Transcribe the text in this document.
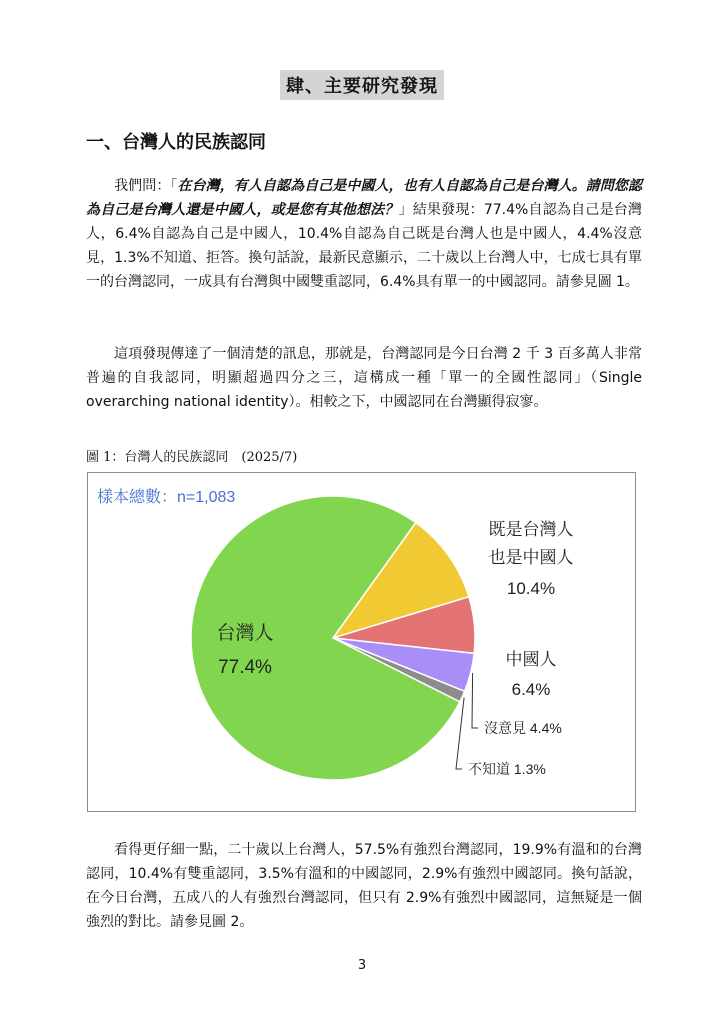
肆、主要研究發現
一、台灣人的民族認同

我們問：「在台灣，有人自認為自己是中國人，也有人自認為自己是台灣人。請問您認為自己是台灣人還是中國人，或是您有其他想法？」結果發現：77.4%自認為自己是台灣人，6.4%自認為自己是中國人，10.4%自認為自己既是台灣人也是中國人，4.4%沒意見，1.3%不知道、拒答。換句話說，最新民意顯示，二十歲以上台灣人中，七成七具有單一的台灣認同，一成具有台灣與中國雙重認同，6.4%具有單一的中國認同。請參見圖 1。

這項發現傳達了一個清楚的訊息，那就是，台灣認同是今日台灣 2 千 3 百多萬人非常普遍的自我認同，明顯超過四分之三，這構成一種「單一的全國性認同」（Single overarching national identity）。相較之下，中國認同在台灣顯得寂寥。

圖 1：台灣人的民族認同　(2025/7)
樣本總數：n=1,083
台灣人
77.4%
既是台灣人
也是中國人
10.4%
中國人
6.4%
沒意見 4.4%
不知道 1.3%

看得更仔細一點，二十歲以上台灣人，57.5%有強烈台灣認同，19.9%有溫和的台灣認同，10.4%有雙重認同，3.5%有溫和的中國認同，2.9%有強烈中國認同。換句話說，在今日台灣，五成八的人有強烈台灣認同，但只有 2.9%有強烈中國認同，這無疑是一個強烈的對比。請參見圖 2。

3
